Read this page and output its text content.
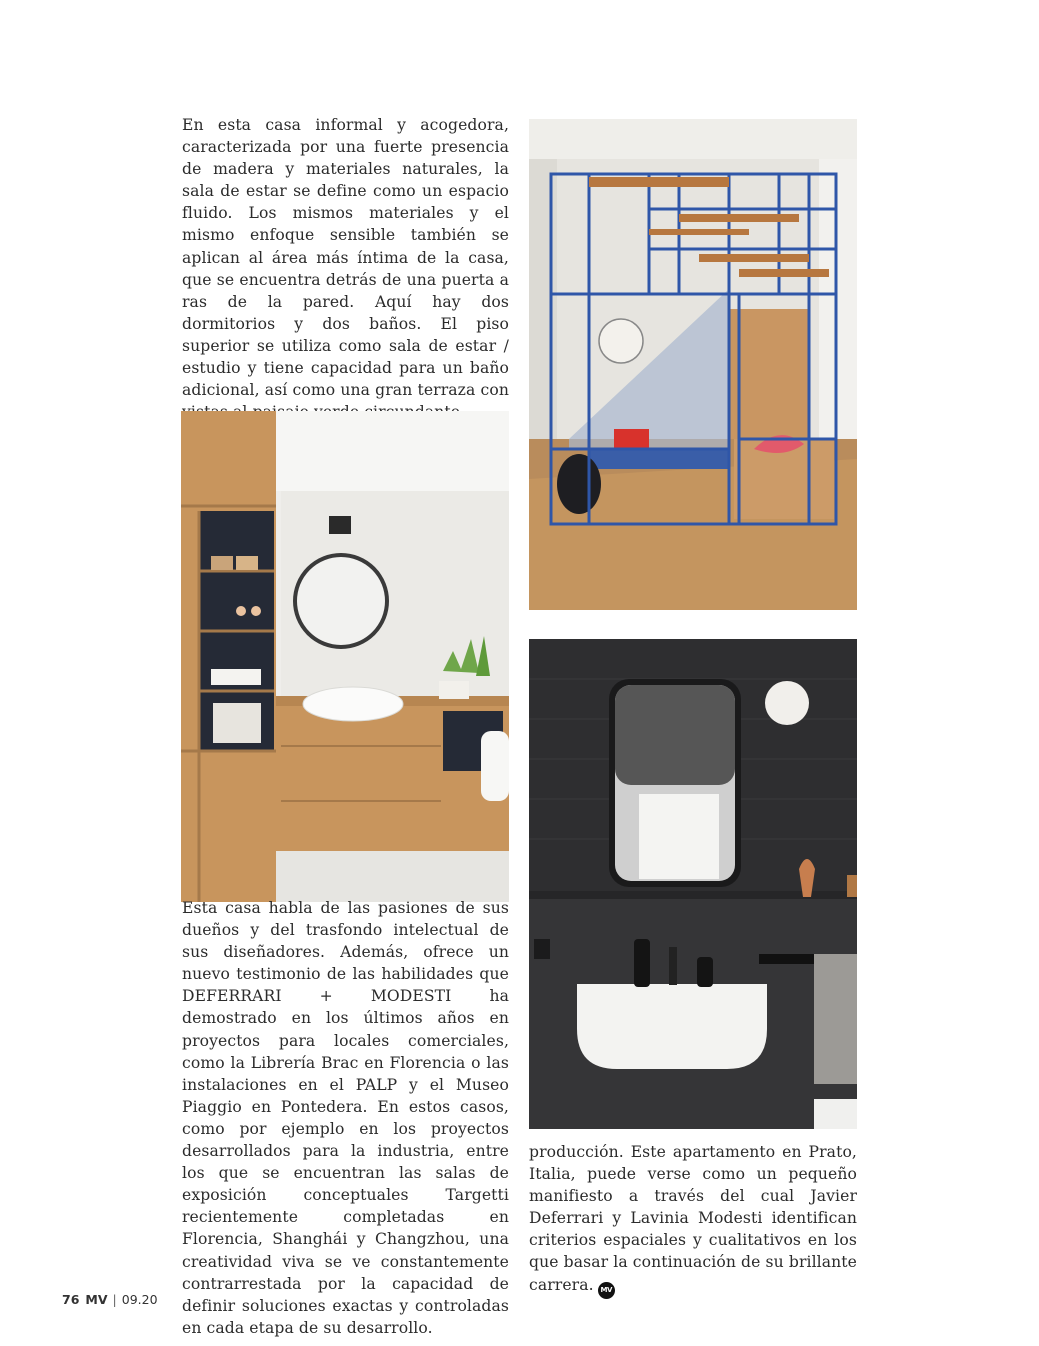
En esta casa informal y acogedora, caracterizada por una fuerte presencia de madera y materiales naturales, la sala de estar se define como un espacio fluido. Los mismos materiales y el mismo enfoque sensible también se aplican al área más íntima de la casa, que se encuentra detrás de una puerta a ras de la pared. Aquí hay dos dormitorios y dos baños. El piso superior se utiliza como sala de estar / estudio y tiene capacidad para un baño adicional, así como una gran terraza con

Esta casa habla de las pasiones de sus dueños y del trasfondo intelectual de sus diseñadores. Además, ofrece un nuevo testimonio de las habilidades que DEFERRARI + MODESTI ha demostrado en los últimos años en proyectos para locales comerciales, como la Librería Brac en Florencia o las instalaciones en el PALP y el Museo Piaggio en Pontedera. En estos casos, como por ejemplo en los proyectos desarrollados para la industria, entre los que se encuentran las salas de exposición conceptuales Targetti recientemente completadas en Florencia, Shanghái y Changzhou, una creatividad viva se ve constantemente contrarrestada por la capacidad de definir soluciones exactas y controladas en cada etapa de su desarrollo.

producción. Este apartamento en Prato, Italia, puede verse como un pequeño manifiesto a través del cual Javier Deferrari y Lavinia Modesti identifican criterios espaciales y cualitativos en los que basar la continuación de su brillante carrera. MV

76 MV | 09.20
